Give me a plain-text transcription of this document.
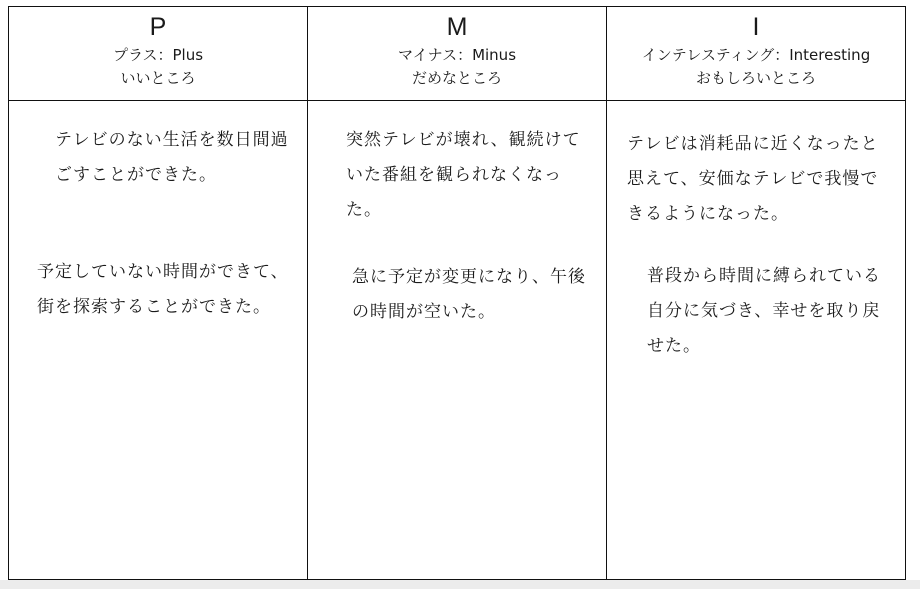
P
プラス：Plus
いいところ
M
マイナス：Minus
だめなところ
I
インテレスティング：Interesting
おもしろいところ

テレビのない生活を数日間過ごすことができた。

予定していない時間ができて、街を探索することができた。

突然テレビが壊れ、観続けていた番組を観られなくなった。

急に予定が変更になり、午後の時間が空いた。

テレビは消耗品に近くなったと思えて、安価なテレビで我慢できるようになった。

普段から時間に縛られている自分に気づき、幸せを取り戻せた。
